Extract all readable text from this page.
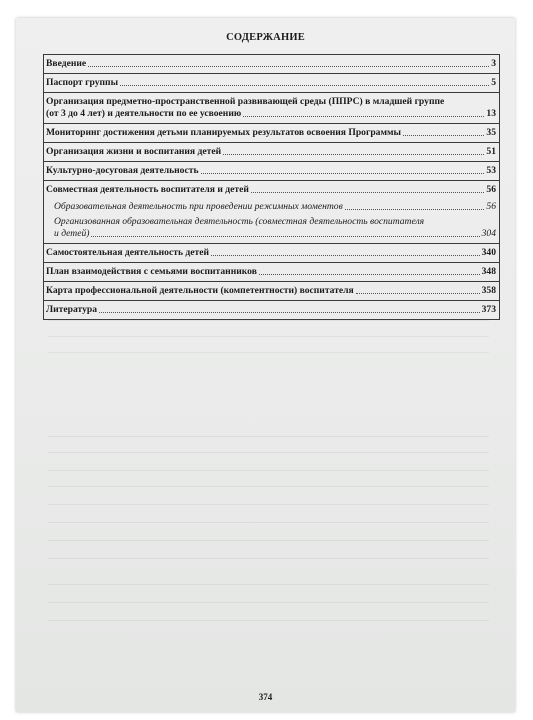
СОДЕРЖАНИЕ
Введение	3
Паспорт группы	5
Организация предметно-пространственной развивающей среды (ППРС) в младшей группе
(от 3 до 4 лет) и деятельности по ее усвоению	13
Мониторинг достижения детьми планируемых результатов освоения Программы	35
Организация жизни и воспитания детей	51
Культурно-досуговая деятельность	53
Совместная деятельность воспитателя и детей	56
Образовательная деятельность при проведении режимных моментов	56
Организованная образовательная деятельность (совместная деятельность воспитателя
и детей)	304
Самостоятельная деятельность детей	340
План взаимодействия с семьями воспитанников	348
Карта профессиональной деятельности (компетентности) воспитателя	358
Литература	373
374
